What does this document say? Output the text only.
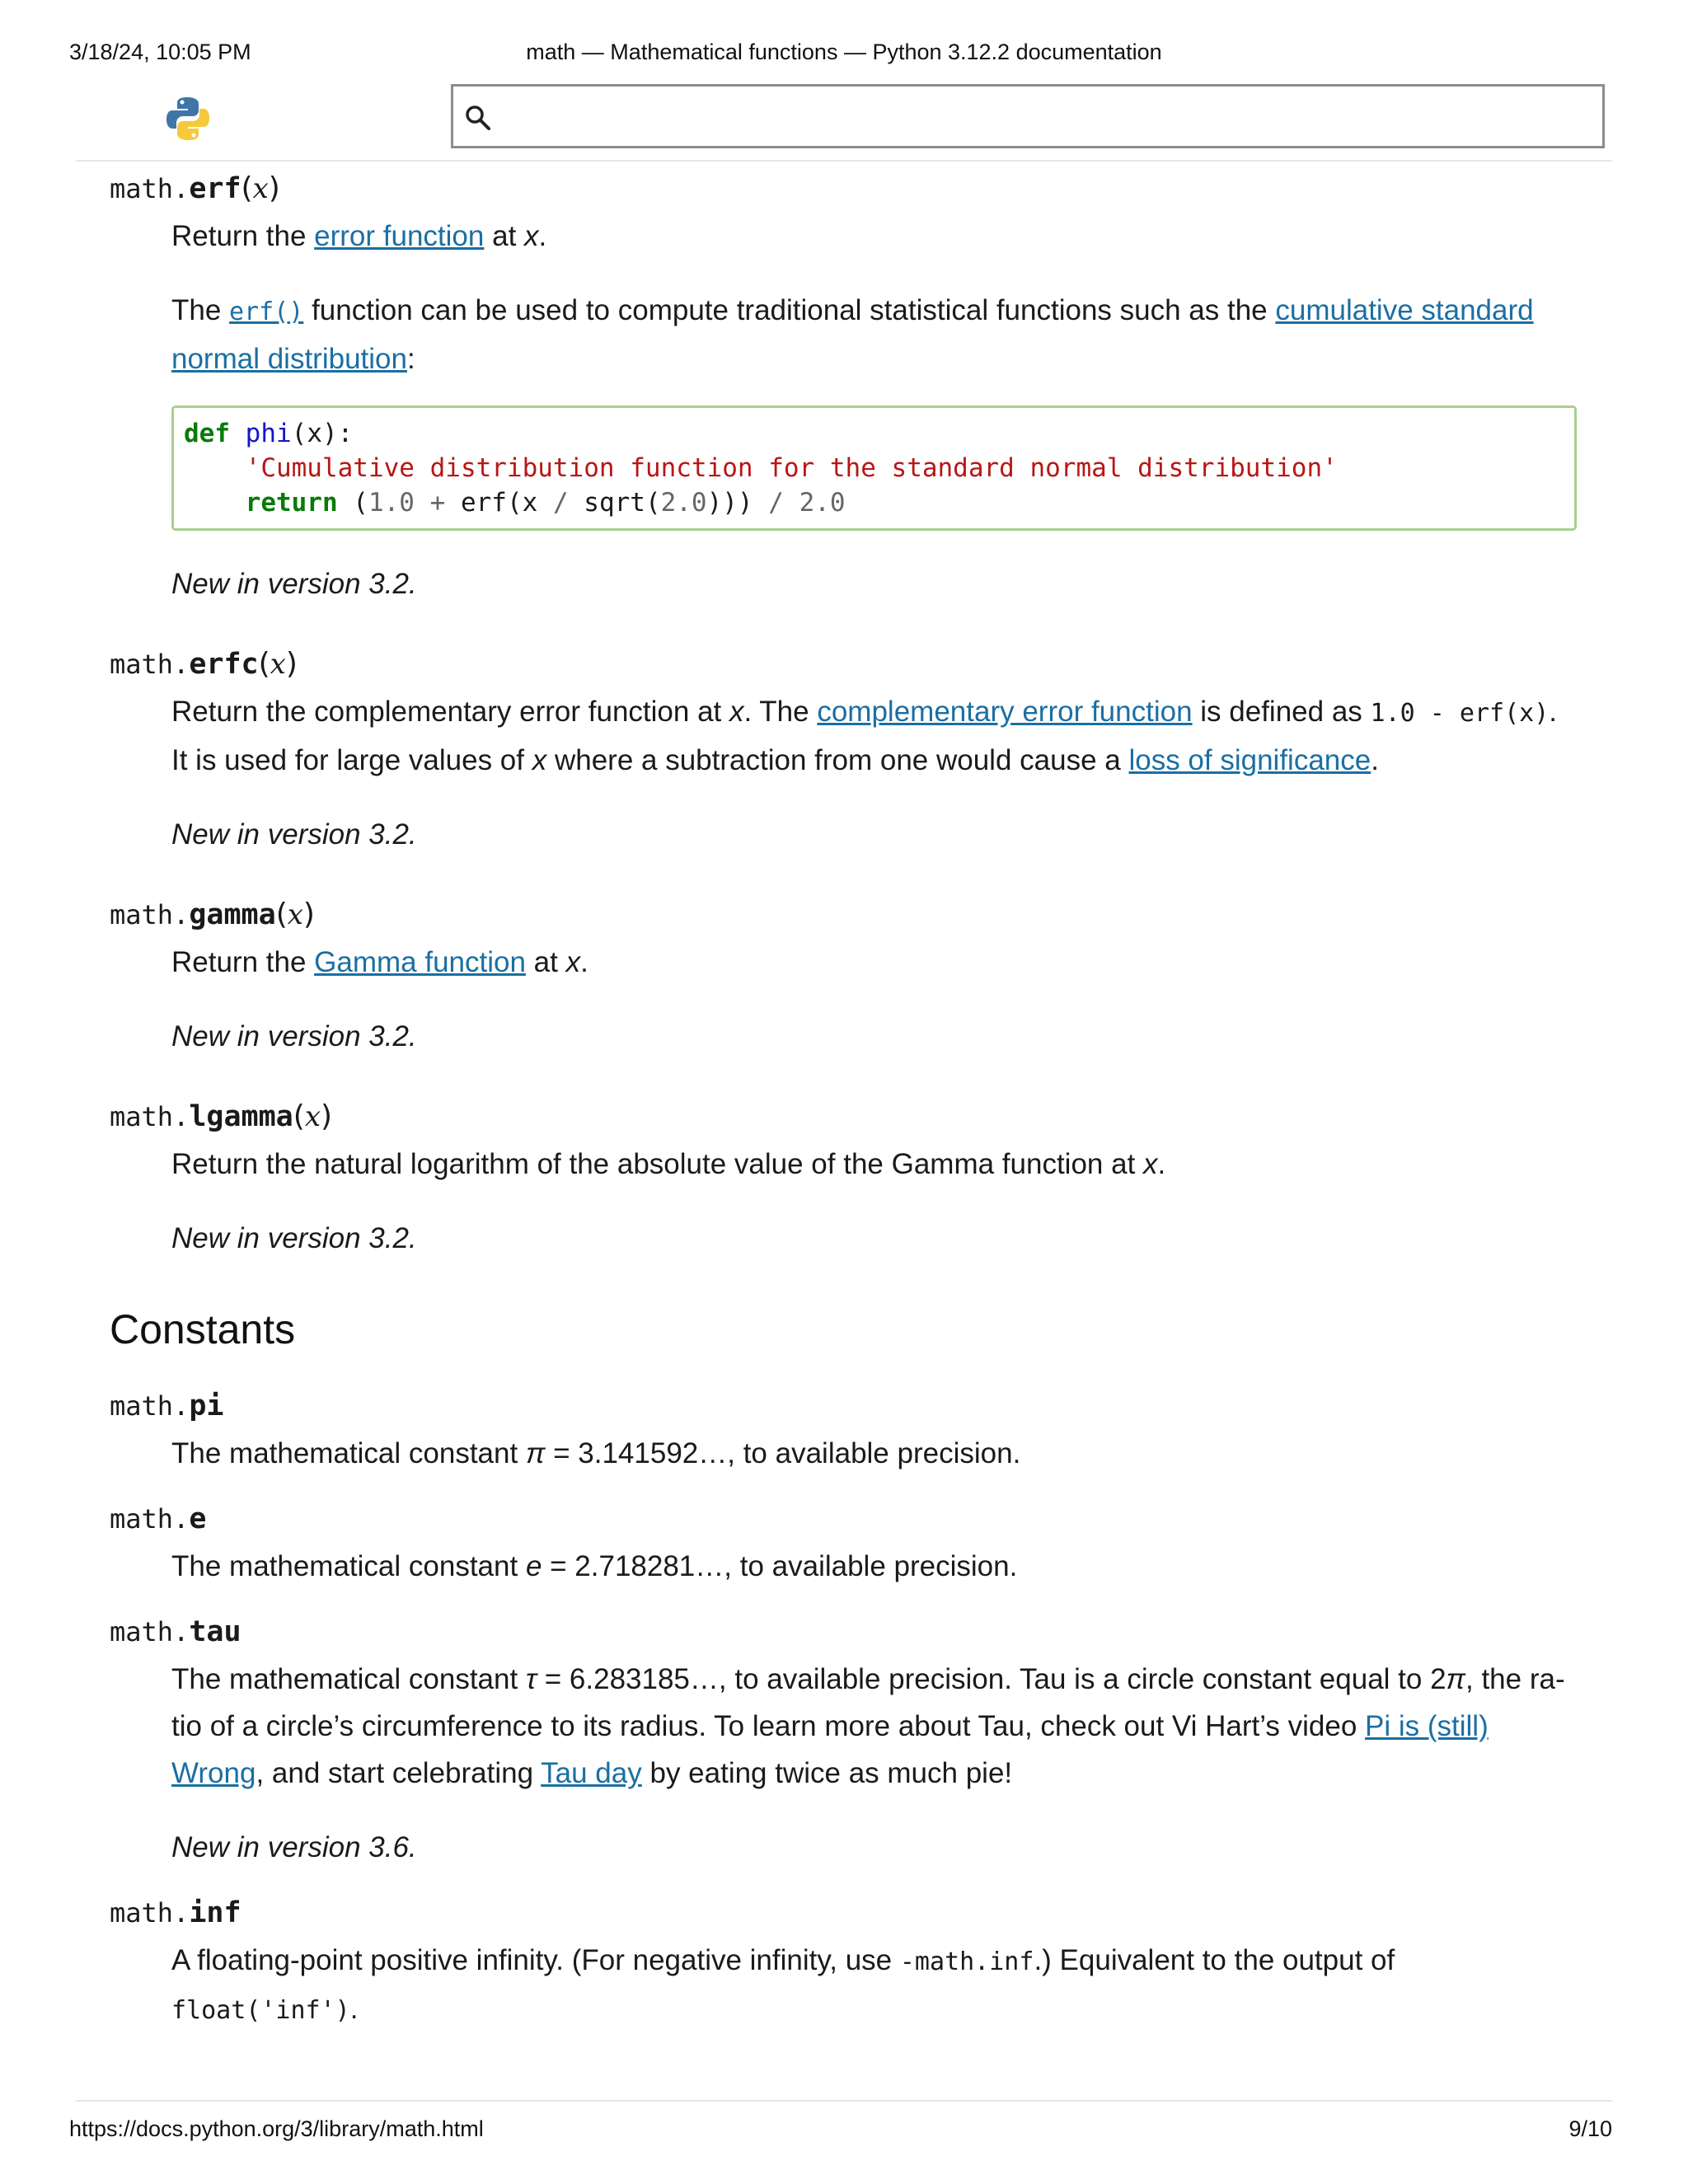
3/18/24, 10:05 PM	math — Mathematical functions — Python 3.12.2 documentation
math.erf(x)

Return the error function at x.

The erf() function can be used to compute traditional statistical functions such as the cumulative standard normal distribution:

def phi(x):
'Cumulative distribution function for the standard normal distribution'
return (1.0 + erf(x / sqrt(2.0))) / 2.0

New in version 3.2.

math.erfc(x)

Return the complementary error function at x. The complementary error function is defined as 1.0 - erf(x). It is used for large values of x where a subtraction from one would cause a loss of significance.

New in version 3.2.

math.gamma(x)

Return the Gamma function at x.

New in version 3.2.

math.lgamma(x)

Return the natural logarithm of the absolute value of the Gamma function at x.

New in version 3.2.

Constants
math.pi

The mathematical constant π = 3.141592…, to available precision.

math.e

The mathematical constant e = 2.718281…, to available precision.

math.tau

The mathematical constant τ = 6.283185…, to available precision. Tau is a circle constant equal to 2π, the ratio of a circle’s circumference to its radius. To learn more about Tau, check out Vi Hart’s video Pi is (still) Wrong, and start celebrating Tau day by eating twice as much pie!

New in version 3.6.

math.inf

A floating-point positive infinity. (For negative infinity, use -math.inf.) Equivalent to the output of float('inf').

https://docs.python.org/3/library/math.html	9/10
